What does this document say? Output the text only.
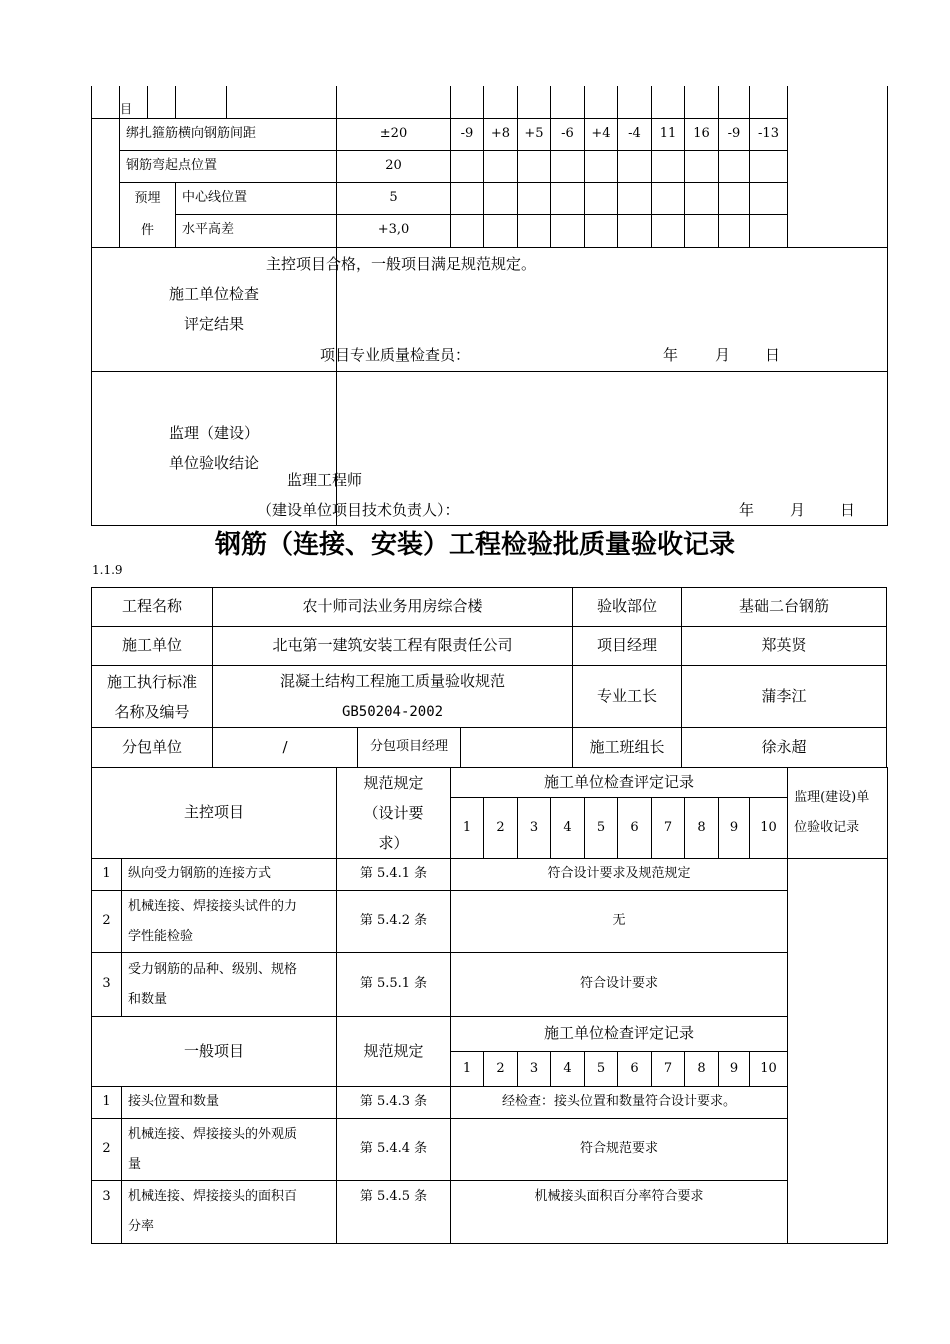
	目															
	绑扎箍筋横向钢筋间距				±20	-9	+8	+5	-6	+4	-4	11	16	-9	-13	
	钢筋弯起点位置				20											
	预埋
件		中心线位置		5											
			水平高差		+3,0											
施工单位检查
评定结果																
监理（建设）
单位验收结论																
主控项目合格，一般项目满足规范规定。
项目专业质量检查员：	年 月 日
监理工程师
（建设单位项目技术负责人）：	年 月 日
钢筋（连接、安装）工程检验批质量验收记录
1.1.9
工程名称	农十师司法业务用房综合楼			验收部位	基础二台钢筋
施工单位	北屯第一建筑安装工程有限责任公司			项目经理	郑英贤
施工执行标准
名称及编号	混凝土结构工程施工质量验收规范
GB50204-2002			专业工长	蒲李江
分包单位	/	分包项目经理		施工班组长	徐永超
主控项目		规范规定
（设计要
求）	施工单位检查评定记录										监理(建设)单
位验收记录
			1	2	3	4	5	6	7	8	9	10	
1	纵向受力钢筋的连接方式	第 5.4.1 条	符合设计要求及规范规定										
2	机械连接、焊接接头试件的力
学性能检验	第 5.4.2 条	无										
3	受力钢筋的品种、级别、规格
和数量	第 5.5.1 条	符合设计要求										
一般项目		规范规定	施工单位检查评定记录										
			1	2	3	4	5	6	7	8	9	10	
1	接头位置和数量	第 5.4.3 条	经检查：接头位置和数量符合设计要求。										
2	机械连接、焊接接头的外观质
量	第 5.4.4 条	符合规范要求										
3	机械连接、焊接接头的面积百
分率	第 5.4.5 条	机械接头面积百分率符合要求										
